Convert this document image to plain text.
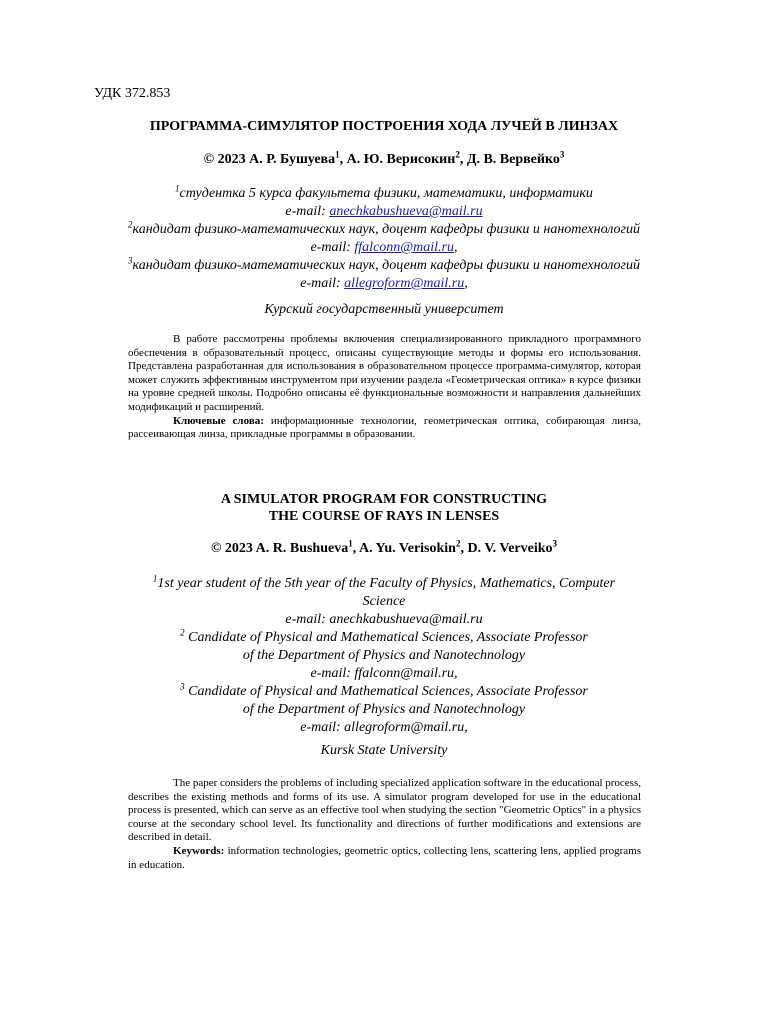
УДК 372.853
ПРОГРАММА-СИМУЛЯТОР ПОСТРОЕНИЯ ХОДА ЛУЧЕЙ В ЛИНЗАХ
© 2023 А. Р. Бушуева$^1$, А. Ю. Верисокин$^2$, Д. В. Вервейко$^3$
$^1$студентка 5 курса факультета физики, математики, информатики
e-mail: anechkabushueva@mail.ru
$^2$кандидат физико-математических наук, доцент кафедры физики и нанотехнологий
e-mail: ffalconn@mail.ru,
$^3$кандидат физико-математических наук, доцент кафедры физики и нанотехнологий
e-mail: allegroform@mail.ru,
Курский государственный университет

В работе рассмотрены проблемы включения специализированного прикладного программного обеспечения в образовательный процесс, описаны существующие методы и формы его использования. Представлена разработанная для использования в образовательном процессе программа-симулятор, которая может служить эффективным инструментом при изучении раздела «Геометрическая оптика» в курсе физики на уровне средней школы. Подробно описаны её функциональные возможности и направления дальнейших модификаций и расширений.

Ключевые слова: информационные технологии, геометрическая оптика, собирающая линза, рассеивающая линза, прикладные программы в образовании.

A SIMULATOR PROGRAM FOR CONSTRUCTING
THE COURSE OF RAYS IN LENSES
© 2023 A. R. Bushueva$^1$, A. Yu. Verisokin$^2$, D. V. Verveiko$^3$
$^1$1st year student of the 5th year of the Faculty of Physics, Mathematics, Computer
Science
e-mail: anechkabushueva@mail.ru
$^2$ Candidate of Physical and Mathematical Sciences, Associate Professor
of the Department of Physics and Nanotechnology
e-mail: ffalconn@mail.ru,
$^3$ Candidate of Physical and Mathematical Sciences, Associate Professor
of the Department of Physics and Nanotechnology
e-mail: allegroform@mail.ru,
Kursk State University

The paper considers the problems of including specialized application software in the educational process, describes the existing methods and forms of its use. A simulator program developed for use in the educational process is presented, which can serve as an effective tool when studying the section "Geometric Optics" in a physics course at the secondary school level. Its functionality and directions of further modifications and extensions are described in detail.

Keywords: information technologies, geometric optics, collecting lens, scattering lens, applied programs in education.
